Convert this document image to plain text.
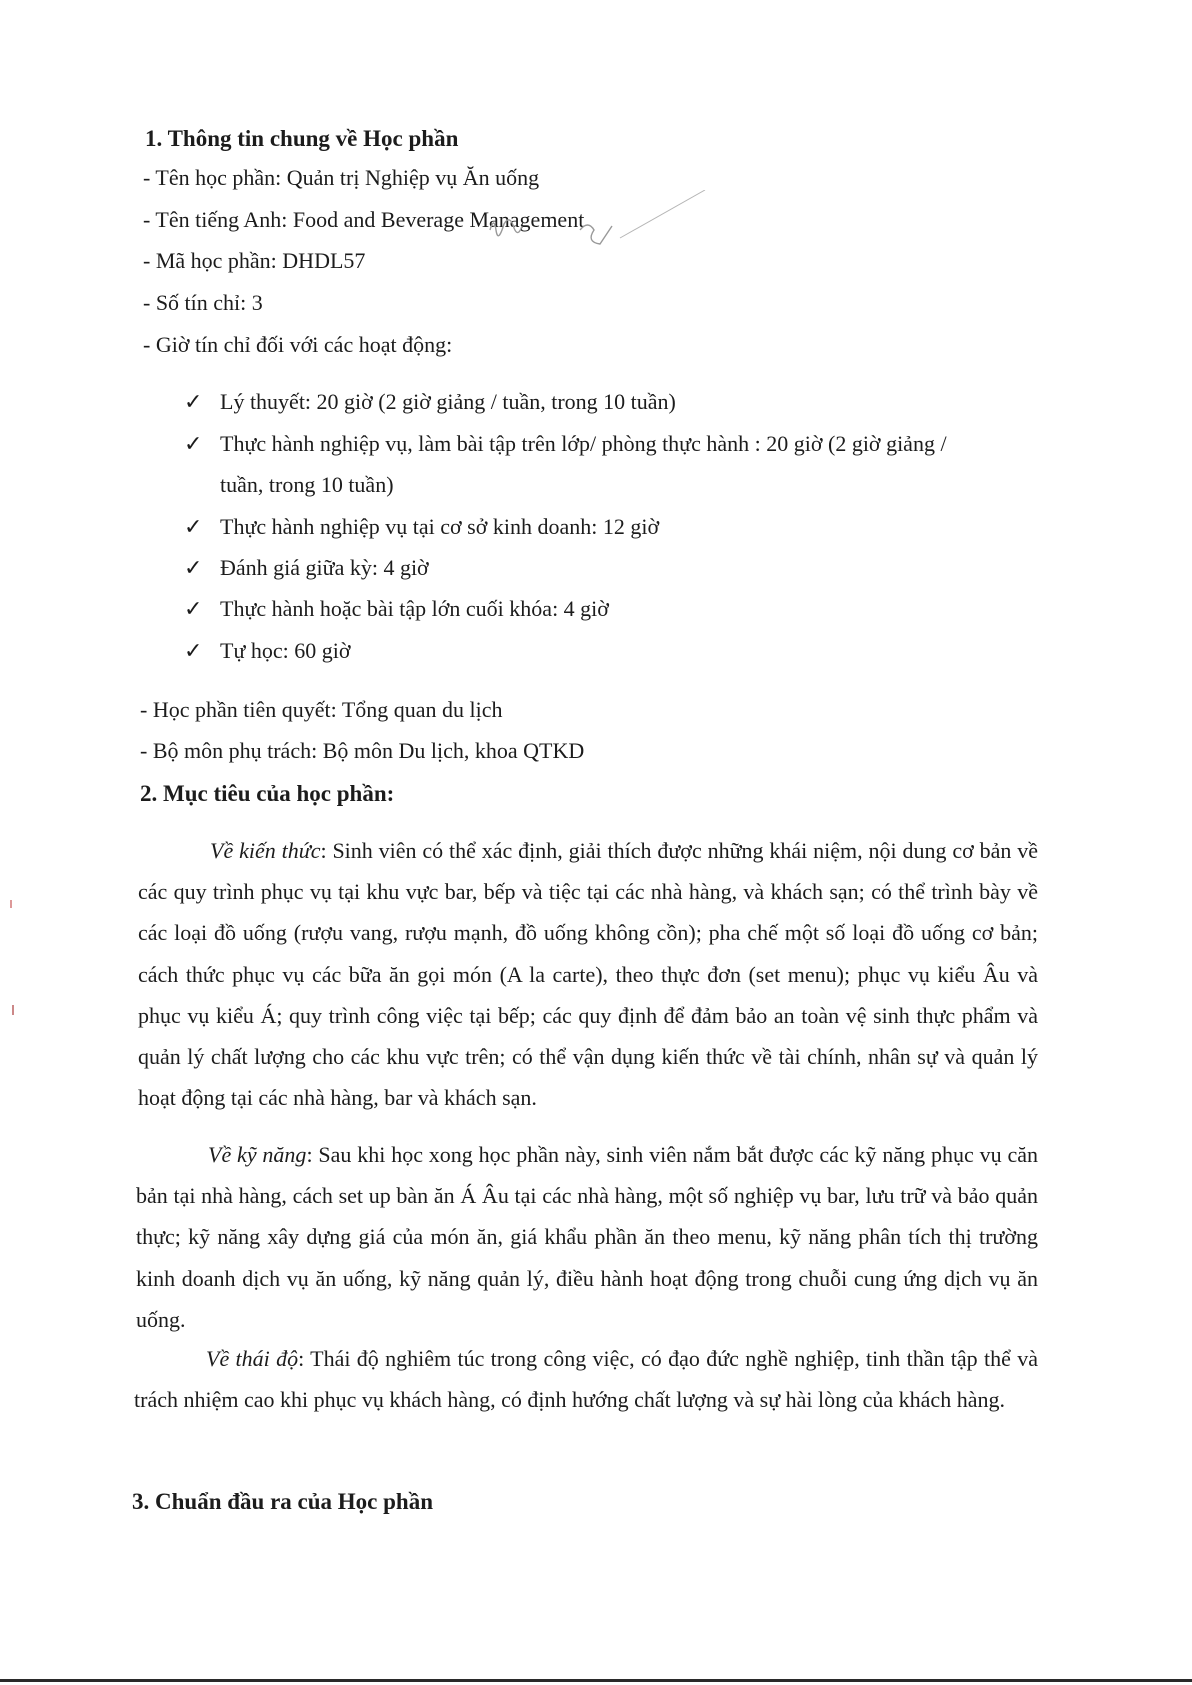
1. Thông tin chung về Học phần
- Tên học phần: Quản trị Nghiệp vụ Ăn uống
- Tên tiếng Anh: Food and Beverage Management
- Mã học phần: DHDL57
- Số tín chỉ: 3
- Giờ tín chỉ đối với các hoạt động:
✓ Lý thuyết: 20 giờ (2 giờ giảng / tuần, trong 10 tuần)
✓ Thực hành nghiệp vụ, làm bài tập trên lớp/ phòng thực hành : 20 giờ (2 giờ giảng /
tuần, trong 10 tuần)
✓ Thực hành nghiệp vụ tại cơ sở kinh doanh: 12 giờ
✓ Đánh giá giữa kỳ: 4 giờ
✓ Thực hành hoặc bài tập lớn cuối khóa: 4 giờ
✓ Tự học: 60 giờ
- Học phần tiên quyết: Tổng quan du lịch
- Bộ môn phụ trách: Bộ môn Du lịch, khoa QTKD
2. Mục tiêu của học phần:
Về kiến thức: Sinh viên có thể xác định, giải thích được những khái niệm, nội dung cơ bản về các quy trình phục vụ tại khu vực bar, bếp và tiệc tại các nhà hàng, và khách sạn; có thể trình bày về các loại đồ uống (rượu vang, rượu mạnh, đồ uống không cồn); pha chế một số loại đồ uống cơ bản; cách thức phục vụ các bữa ăn gọi món (A la carte), theo thực đơn (set menu); phục vụ kiểu Âu và phục vụ kiểu Á; quy trình công việc tại bếp; các quy định để đảm bảo an toàn vệ sinh thực phẩm và quản lý chất lượng cho các khu vực trên; có thể vận dụng kiến thức về tài chính, nhân sự và quản lý hoạt động tại các nhà hàng, bar và khách sạn.
Về kỹ năng: Sau khi học xong học phần này, sinh viên nắm bắt được các kỹ năng phục vụ căn bản tại nhà hàng, cách set up bàn ăn Á Âu tại các nhà hàng, một số nghiệp vụ bar, lưu trữ và bảo quản thực; kỹ năng xây dựng giá của món ăn, giá khẩu phần ăn theo menu, kỹ năng phân tích thị trường kinh doanh dịch vụ ăn uống, kỹ năng quản lý, điều hành hoạt động trong chuỗi cung ứng dịch vụ ăn uống.
Về thái độ: Thái độ nghiêm túc trong công việc, có đạo đức nghề nghiệp, tinh thần tập thể và trách nhiệm cao khi phục vụ khách hàng, có định hướng chất lượng và sự hài lòng của khách hàng.
3. Chuẩn đầu ra của Học phần
